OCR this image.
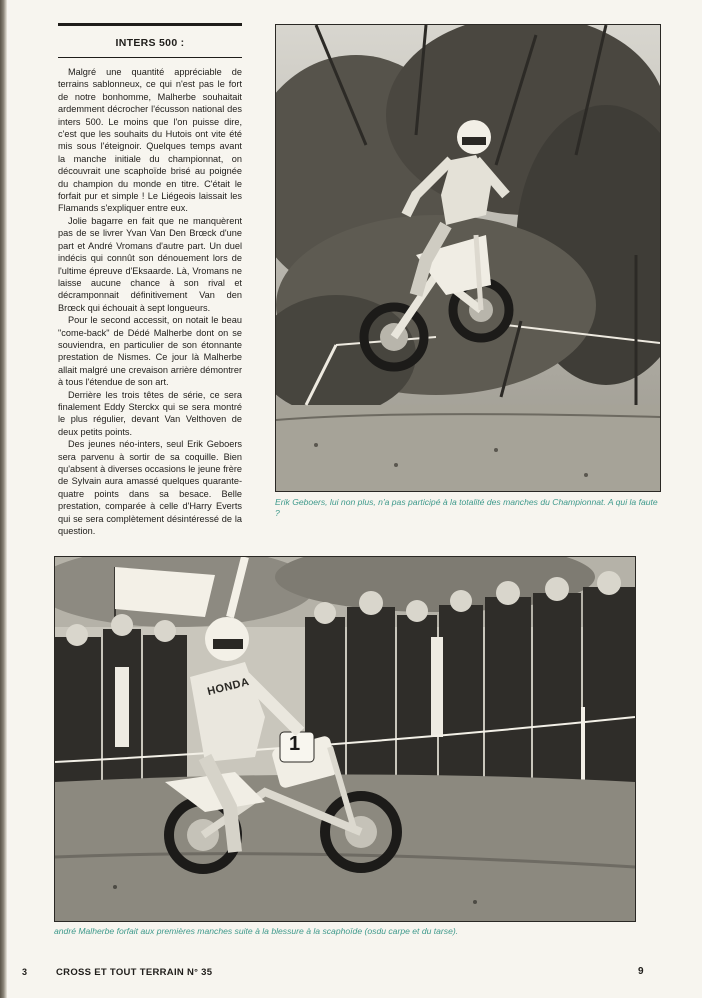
INTERS 500 :

Malgré une quantité appréciable de terrains sablonneux, ce qui n'est pas le fort de notre bonhomme, Malherbe souhaitait ardemment décrocher l'écusson national des inters 500. Le moins que l'on puisse dire, c'est que les souhaits du Hutois ont vite été mis sous l'éteignoir. Quelques temps avant la manche initiale du championnat, on découvrait une scaphoïde brisé au poignée du champion du monde en titre. C'était le forfait pur et simple ! Le Liégeois laissait les Flamands s'expliquer entre eux.

Jolie bagarre en fait que ne manquèrent pas de se livrer Yvan Van Den Brœck d'une part et André Vromans d'autre part. Un duel indécis qui connût son dénouement lors de l'ultime épreuve d'Eksaarde. Là, Vromans ne laisse aucune chance à son rival et décramponnait définitivement Van den Brœck qui échouait à sept longueurs.

Pour le second accessit, on notait le beau "come-back" de Dédé Malherbe dont on se souviendra, en particulier de son étonnante prestation de Nismes. Ce jour là Malherbe allait malgré une crevaison arrière démontrer à tous l'étendue de son art.

Derrière les trois têtes de série, ce sera finalement Eddy Sterckx qui se sera montré le plus régulier, devant Van Velthoven de deux petits points.

Des jeunes néo-inters, seul Erik Geboers sera parvenu à sortir de sa coquille. Bien qu'absent à diverses occasions le jeune frère de Sylvain aura amassé quelques quarante-quatre points dans sa besace. Belle prestation, comparée à celle d'Harry Everts qui se sera complètement désintéressé de la question.

Erik Geboers, lui non plus, n'a pas participé à la totalité des manches du Championnat. A qui la faute ?
HONDA
1
andré Malherbe forfait aux premières manches suite à la blessure à la scaphoïde (osdu carpe et du tarse).
3	CROSS ET TOUT TERRAIN N° 35	9
